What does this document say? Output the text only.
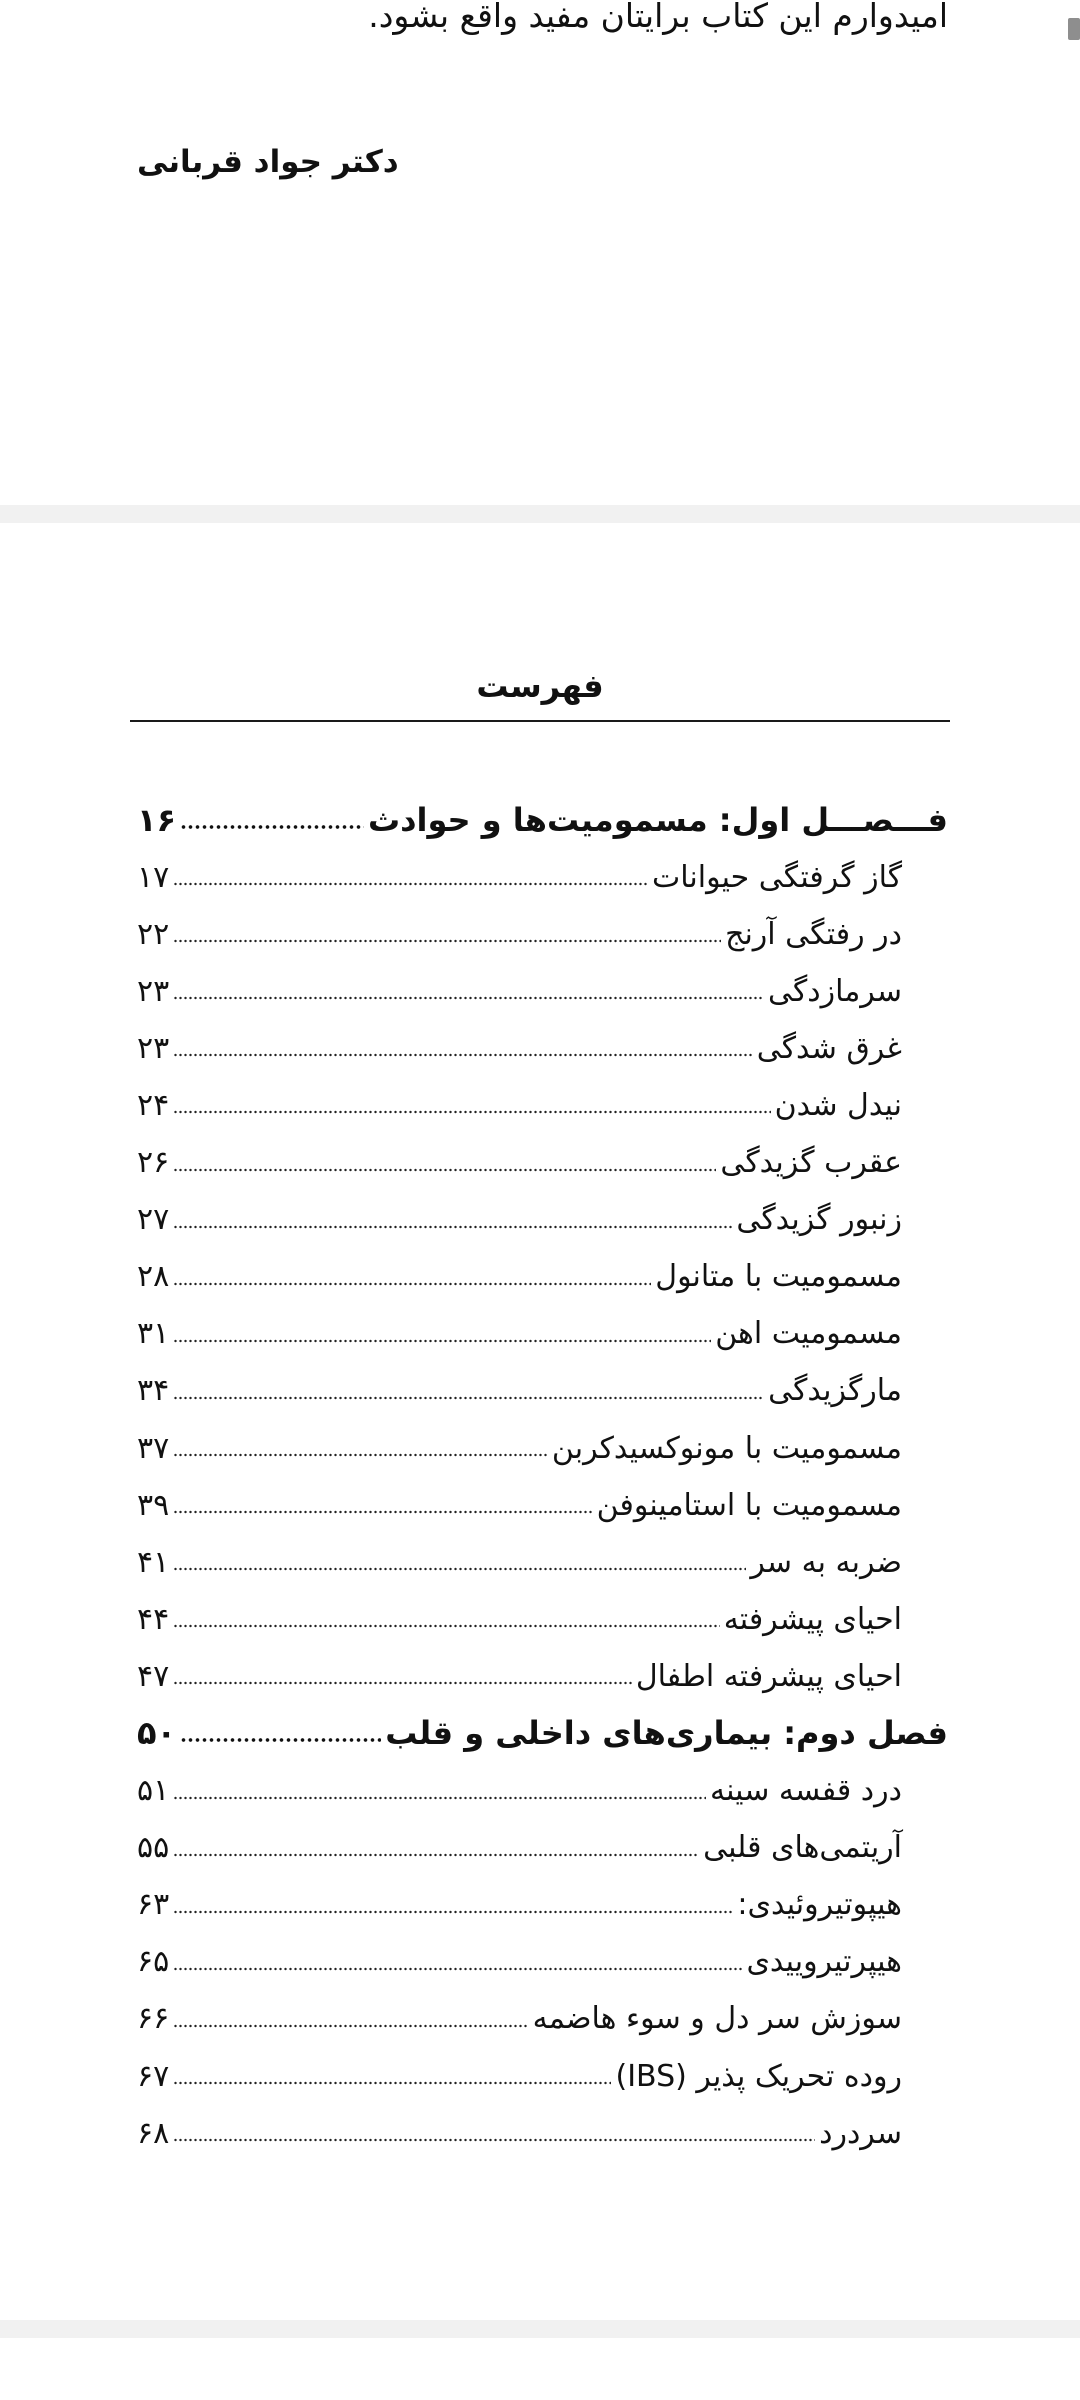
امیدوارم این کتاب برایتان مفید واقع بشود.
دکتر جواد قربانی
فهرست
فـــصـــل اول: مسمومیت‌ها و حوادث
۱۶
گاز گرفتگی حیوانات
۱۷
در رفتگی آرنج
۲۲
سرمازدگی
۲۳
غرق شدگی
۲۳
نیدل شدن
۲۴
عقرب گزیدگی
۲۶
زنبور گزیدگی
۲۷
مسمومیت با متانول
۲۸
مسمومیت اهن
۳۱
مارگزیدگی
۳۴
مسمومیت با مونوکسیدکربن
۳۷
مسمومیت با استامینوفن
۳۹
ضربه به سر
۴۱
احیای پیشرفته
۴۴
احیای پیشرفته اطفال
۴۷
فصل دوم: بیماری‌های داخلی و قلب
۵۰
درد قفسه سینه
۵۱
آریتمی‌های قلبی
۵۵
هیپوتیروئیدی:
۶۳
هیپرتیروییدی
۶۵
سوزش سر دل و سوء هاضمه
۶۶
روده تحریک پذیر (IBS)
۶۷
سردرد
۶۸
